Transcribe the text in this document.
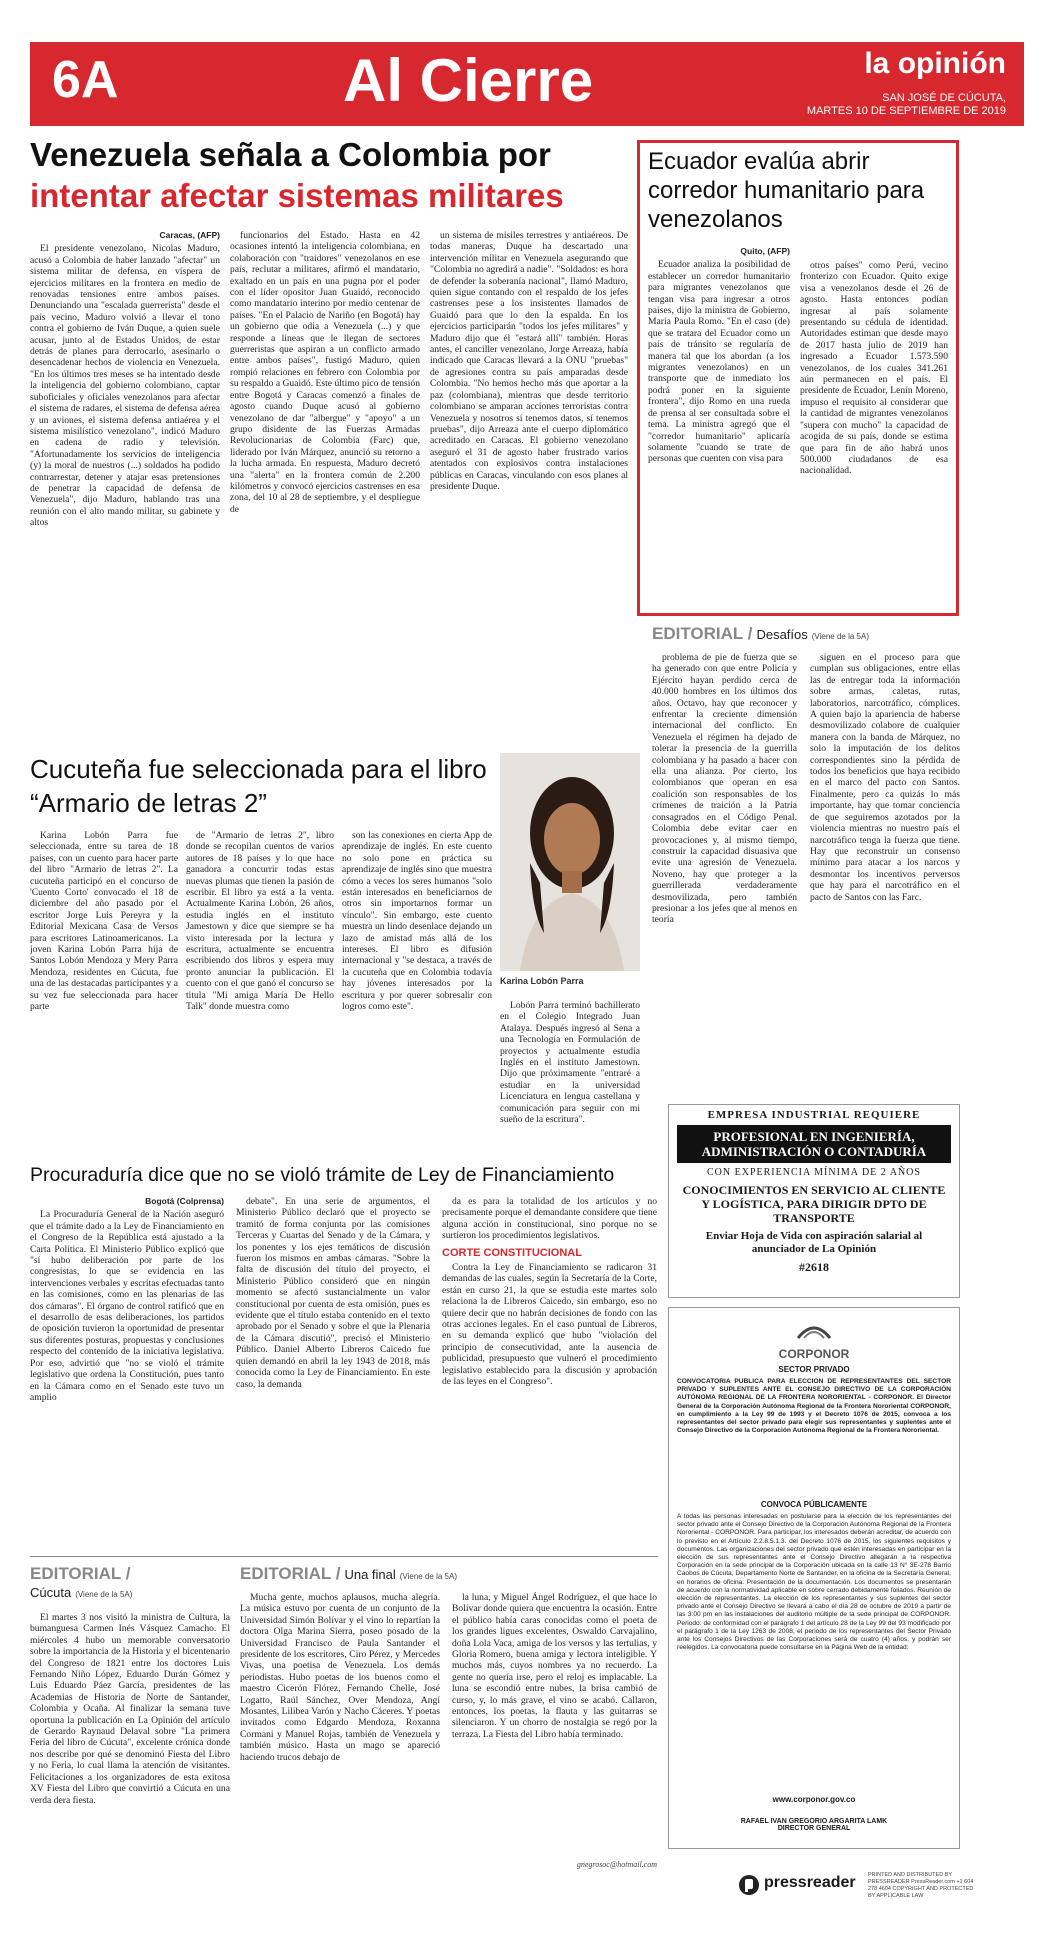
6A	Al Cierre	la opinión
SAN JOSÉ DE CÚCUTA,
MARTES 10 DE SEPTIEMBRE DE 2019
Venezuela señala a Colombia por
intentar afectar sistemas militares
Caracas, (AFP)

El presidente venezolano, Nicolas Maduro, acusó a Colombia de haber lanzado "afectar" un sistema militar de defensa, en víspera de ejercicios militares en la frontera en medio de renovadas tensiones entre ambos países. Denunciando una "escalada guerrerista" desde el país vecino, Maduro volvió a llevar el tono contra el gobierno de Iván Duque, a quien suele acusar, junto al de Estados Unidos, de estar detrás de planes para derrocarlo, asesinarlo o desencadenar hechos de violencia en Venezuela. "En los últimos tres meses se ha intentado desde la inteligencia del gobierno colombiano, captar suboficiales y oficiales venezolanos para afectar el sistema de radares, el sistema de defensa aérea y un aviones, el sistema defensa antiaérea y el sistema misilístico venezolano", indicó Maduro en cadena de radio y televisión. "Afortunadamente los servicios de inteligencia (y) la moral de nuestros (...) soldados ha podido contrarrestar, detener y atajar esas pretensiones de penetrar la capacidad de defensa de Venezuela", dijo Maduro, hablando tras una reunión con el alto mando militar, su gabinete y altos

funcionarios del Estado. Hasta en 42 ocasiones intentó la inteligencia colombiana, en colaboración con "traidores" venezolanos en ese país, reclutar a militares, afirmó el mandatario, exaltado en un país en una pugna por el poder con el líder opositor Juan Guaidó, reconocido como mandatario interino por medio centenar de países. "En el Palacio de Nariño (en Bogotá) hay un gobierno que odia a Venezuela (...) y que responde a líneas que le llegan de sectores guerreristas que aspiran a un conflicto armado entre ambos países", fustigó Maduro, quien rompió relaciones en febrero con Colombia por su respaldo a Guaidó. Este último pico de tensión entre Bogotá y Caracas comenzó a finales de agosto cuando Duque acusó al gobierno venezolano de dar "albergue" y "apoyo" a un grupo disidente de las Fuerzas Armadas Revolucionarias de Colombia (Farc) que, liderado por Iván Márquez, anunció su retorno a la lucha armada. En respuesta, Maduro decretó una "alerta" en la frontera común de 2.200 kilómetros y convocó ejercicios castrenses en esa zona, del 10 al 28 de septiembre, y el despliegue de

un sistema de misiles terrestres y antiaéreos. De todas maneras, Duque ha descartado una intervención militar en Venezuela asegurando que "Colombia no agredirá a nadie". "Soldados: es hora de defender la soberanía nacional", llamó Maduro, quien sigue contando con el respaldo de los jefes castrenses pese a los insistentes llamados de Guaidó para que lo den la espalda. En los ejercicios participarán "todos los jefes militares" y Maduro dijo que él "estará allí" también. Horas antes, el canciller venezolano, Jorge Arreaza, había indicado que Caracas llevará a la ONU "pruebas" de agresiones contra su país amparadas desde Colombia. "No hemos hecho más que aportar a la paz (colombiana), mientras que desde territorio colombiano se amparan acciones terroristas contra Venezuela y nosotros sí tenemos datos, sí tenemos pruebas", dijo Arreaza ante el cuerpo diplomático acreditado en Caracas. El gobierno venezolano aseguró el 31 de agosto haber frustrado varios atentados con explosivos contra instalaciones públicas en Caracas, vinculando con esos planes al presidente Duque.

Ecuador evalúa abrir corredor humanitario para venezolanos
Quito, (AFP)

Ecuador analiza la posibilidad de establecer un corredor humanitario para migrantes venezolanos que tengan visa para ingresar a otros países, dijo la ministra de Gobierno, María Paula Romo. "En el caso (de) que se tratara del Ecuador como un país de tránsito se regularía de manera tal que los abordan (a los migrantes venezolanos) en un transporte que de inmediato los podrá poner en la siguiente frontera", dijo Romo en una rueda de prensa al ser consultada sobre el tema. La ministra agregó que el "corredor humanitario" aplicaría solamente "cuando se trate de personas que cuenten con visa para

otros países" como Perú, vecino fronterizo con Ecuador. Quito exige visa a venezolanos desde el 26 de agosto. Hasta entonces podían ingresar al país solamente presentando su cédula de identidad. Autoridades estiman que desde mayo de 2017 hasta julio de 2019 han ingresado a Ecuador 1.573.590 venezolanos, de los cuales 341.261 aún permanecen en el país. El presidente de Ecuador, Lenín Moreno, impuso el requisito al considerar que la cantidad de migrantes venezolanos "supera con mucho" la capacidad de acogida de su país, donde se estima que para fin de año habrá unos 500.000 ciudadanos de esa nacionalidad.

EDITORIAL / Desafíos (Viene de la 5A)

problema de pie de fuerza que se ha generado con que entre Policía y Ejército hayan perdido cerca de 40.000 hombres en los últimos dos años. Octavo, hay que reconocer y enfrentar la creciente dimensión internacional del conflicto. En Venezuela el régimen ha dejado de tolerar la presencia de la guerrilla colombiana y ha pasado a hacer con ella una alianza. Por cierto, los colombianos que operan en esa coalición son responsables de los crímenes de traición a la Patria consagrados en el Código Penal. Colombia debe evitar caer en provocaciones y, al mismo tiempo, construir la capacidad disuasiva que evite una agresión de Venezuela. Noveno, hay que proteger a la guerrillerada verdaderamente desmovilizada, pero también presionar a los jefes que al menos en teoría

siguen en el proceso para que cumplan sus obligaciones, entre ellas las de entregar toda la información sobre armas, caletas, rutas, laboratorios, narcotráfico, cómplices. A quien bajo la apariencia de haberse desmovilizado colabore de cualquier manera con la banda de Márquez, no solo la imputación de los delitos correspondientes sino la pérdida de todos los beneficios que haya recibido en el marco del pacto con Santos. Finalmente, pero ca quizás lo más importante, hay que tomar conciencia de que seguiremos azotados por la violencia mientras no nuestro país el narcotráfico tenga la fuerza que tiene. Hay que reconstruir un consenso mínimo para atacar a los narcos y desmontar los incentivos perversos que hay para el narcotráfico en el pacto de Santos con las Farc.

Cucuteña fue seleccionada para el libro “Armario de letras 2”
Karina Lobón Parra

Karina Lobón Parra fue seleccionada, entre su tarea de 18 países, con un cuento para hacer parte del libro "Armario de letras 2". La cucuteña participó en el concurso de 'Cuento Corto' convocado el 18 de diciembre del año pasado por el escritor Jorge Luis Pereyra y la Editorial Mexicana Casa de Versos para escritores Latinoamericanos. La joven Karina Lobón Parra hija de Santos Lobón Mendoza y Mery Parra Mendoza, residentes en Cúcuta, fue una de las destacadas participantes y a su vez fue seleccionada para hacer parte

de "Armario de letras 2", libro donde se recopilan cuentos de varios autores de 18 países y lo que hace ganadora a concurrir todas estas nuevas plumas que tienen la pasión de escribir. El libro ya está a la venta. Actualmente Karina Lobón, 26 años, estudia inglés en el instituto Jamestown y dice que siempre se ha visto interesada por la lectura y escritura, actualmente se encuentra escribiendo dos libros y espera muy pronto anunciar la publicación. El cuento con el que ganó el concurso se titula "Mi amiga María De Hello Talk" donde muestra como

son las conexiones en cierta App de aprendizaje de inglés. En este cuento no solo pone en práctica su aprendizaje de inglés sino que muestra cómo a veces los seres humanos "solo están interesados en beneficiarnos de otros sin importarnos formar un vínculo". Sin embargo, este cuento muestra un lindo desenlace dejando un lazo de amistad más allá de los intereses. El libro es difusión internacional y "se destaca, a través de la cucuteña que en Colombia todavía hay jóvenes interesados por la escritura y por querer sobresalir con logros como este".	Lobón Parra terminó bachillerato en el Colegio Integrado Juan Atalaya. Después ingresó al Sena a una Tecnología en Formulación de proyectos y actualmente estudia Inglés en el instituto Jamestown. Dijo que próximamente "entraré a estudiar en la universidad Licenciatura en lengua castellana y comunicación para seguir con mi sueño de la escritura".	EMPRESA INDUSTRIAL REQUIERE
PROFESIONAL EN INGENIERÍA, ADMINISTRACIÓN O CONTADURÍA
CON EXPERIENCIA MÍNIMA DE 2 AÑOS
CONOCIMIENTOS EN SERVICIO AL CLIENTE Y LOGÍSTICA, PARA DIRIGIR DPTO DE TRANSPORTE
Enviar Hoja de Vida con aspiración salarial al anunciador de La Opinión
#2618
CORPONOR
SECTOR PRIVADO
CONVOCATORIA PÚBLICA PARA ELECCIÓN DE REPRESENTANTES DEL SECTOR PRIVADO Y SUPLENTES ANTE EL CONSEJO DIRECTIVO DE LA CORPORACIÓN AUTÓNOMA REGIONAL DE LA FRONTERA NORORIENTAL - CORPONOR. El Director General de la Corporación Autónoma Regional de la Frontera Nororiental CORPONOR, en cumplimiento a la Ley 99 de 1993 y el Decreto 1076 de 2015, convoca a los representantes del sector privado para elegir sus representantes y suplentes ante el Consejo Directivo de la Corporación Autónoma Regional de la Frontera Nororiental.
CONVOCA PÚBLICAMENTE
A todas las personas interesadas en postularse para la elección de los representantes del sector privado ante el Consejo Directivo de la Corporación Autónoma Regional de la Frontera Nororiental - CORPONOR. Para participar, los interesados deberán acreditar, de acuerdo con lo previsto en el Artículo 2.2.8.5.1.3. del Decreto 1076 de 2015, los siguientes requisitos y documentos. Las organizaciones del sector privado que estén interesadas en participar en la elección de sus representantes ante el Consejo Directivo allegarán a la respectiva Corporación en la sede principal de la Corporación ubicada en la calle 13 N° 3E-278 Barrio Caobos de Cúcuta, Departamento Norte de Santander, en la oficina de la Secretaría General, en horarios de oficina. Presentación de la documentación. Los documentos se presentarán de acuerdo con la normatividad aplicable en sobre cerrado debidamente foliados. Reunión de elección de representantes. La elección de los representantes y sus suplentes del sector privado ante el Consejo Directivo se llevará a cabo el día 28 de octubre de 2019 a partir de las 3:00 pm en las instalaciones del auditorio múltiple de la sede principal de CORPONOR. Periodo: de conformidad con el parágrafo 1 del artículo 28 de la Ley 99 del 93 modificado por el parágrafo 1 de la Ley 1263 de 2008, el periodo de los representantes del Sector Privado ante los Consejos Directivos de las Corporaciones será de cuatro (4) años, y podrán ser reelegidos. La convocatoria puede consultarse en la Página Web de la entidad:
www.corponor.gov.co
RAFAEL IVAN GREGORIO ARGARITA LAMK
DIRECTOR GENERAL
Procuraduría dice que no se violó trámite de Ley de Financiamiento
Bogotá (Colprensa)

La Procuraduría General de la Nación aseguró que el trámite dado a la Ley de Financiamiento en el Congreso de la República está ajustado a la Carta Política. El Ministerio Público explicó que "sí hubo deliberación por parte de los congresistas, lo que se evidencia en las intervenciones verbales y escritas efectuadas tanto en las comisiones, como en las plenarias de las dos cámaras". El órgano de control ratificó que en el desarrollo de esas deliberaciones, los partidos de oposición tuvieron la oportunidad de presentar sus diferentes posturas, propuestas y conclusiones respecto del contenido de la iniciativa legislativa. Por eso, advirtió que "no se violó el trámite legislativo que ordena la Constitución, pues tanto en la Cámara como en el Senado este tuvo un amplio

debate". En una serie de argumentos, el Ministerio Público declaró que el proyecto se tramitó de forma conjunta por las comisiones Terceras y Cuartas del Senado y de la Cámara, y los ponentes y los ejes temáticos de discusión fueron los mismos en ambas cámaras. "Sobre la falta de discusión del título del proyecto, el Ministerio Público consideró que en ningún momento se afectó sustancialmente un valor constitucional por cuenta de esta omisión, pues es evidente que el título estaba contenido en el texto aprobado por el Senado y sobre el que la Plenaria de la Cámara discutió", precisó el Ministerio Público. Daniel Alberto Libreros Caicedo fue quien demandó en abril la ley 1943 de 2018, más conocida como la Ley de Financiamiento. En este caso, la demanda

da es para la totalidad de los artículos y no precisamente porque el demandante considere que tiene alguna acción in constitucional, sino porque no se surtieron los procedimientos legislativos.

CORTE CONSTITUCIONAL

Contra la Ley de Financiamiento se radicaron 31 demandas de las cuales, según la Secretaría de la Corte, están en curso 21, la que se estudia este martes solo relaciona la de Libreros Caicedo, sin embargo, eso no quiere decir que no habrán decisiones de fondo con las otras acciones legales. En el caso puntual de Libreros, en su demanda explicó que hubo "violación del principio de consecutividad, ante la ausencia de publicidad, presupuesto que vulneró el procedimiento legislativo establecido para la discusión y aprobación de las leyes en el Congreso".

EDITORIAL /
Cúcuta (Viene de la 5A)

El martes 3 nos visitó la ministra de Cultura, la bumanguesa Carmen Inés Vásquez Camacho. El miércoles 4 hubo un memorable conversatorio sobre la importancia de la Historia y el bicentenario del Congreso de 1821 entre los doctores Luis Fernando Niño López, Eduardo Durán Gómez y Luis Eduardo Páez García, presidentes de las Academias de Historia de Norte de Santander, Colombia y Ocaña. Al finalizar la semana tuve oportuna la publicación en La Opinión del artículo de Gerardo Raynaud Delaval sobre "La primera Feria del libro de Cúcuta", excelente crónica donde nos describe por qué se denominó Fiesta del Libro y no Feria, lo cual llama la atención de visitantes. Felicitaciones a los organizadores de esta exitosa XV Fiesta del Libro que convirtió a Cúcuta en una verda dera fiesta.

EDITORIAL / Una final (Viene de la 5A)

Mucha gente, muchos aplausos, mucha alegría. La música estuvo por cuenta de un conjunto de la Universidad Simón Bolívar y el vino lo repartían la doctora Olga Marina Sierra, poseo posado de la Universidad Francisco de Paula Santander el presidente de los escritores, Ciro Pérez, y Mercedes Vivas, una poetisa de Venezuela. Los demás periodistas. Hubo poetas de los buenos como el maestro Cicerón Flórez, Fernando Chelle, José Logatto, Raúl Sánchez, Over Mendoza, Angí Mosantes, Lilibea Varón y Nacho Cáceres. Y poetas invitados como Edgardo Mendoza, Roxanna Cormani y Manuel Rojas, también de Venezuela y también músico. Hasta un mago se apareció haciendo trucos debajo de

la luna, y Miguel Ángel Rodríguez, el que hace lo Bolívar donde quiera que encuentra la ocasión. Entre el público había caras conocidas como el poeta de los grandes ligues excelentes, Oswaldo Carvajalino, doña Lola Vaca, amiga de los versos y las tertulias, y Gloria Romero, buena amiga y lectora inteligible. Y muchos más, cuyos nombres ya no recuerdo. La gente no quería irse, pero el reloj es implacable. La luna se escondió entre nubes, la brisa cambió de curso, y, lo más grave, el vino se acabó. Callaron, entonces, los poetas, la flauta y las guitarras se silenciaron. Y un chorro de nostalgia se regó por la terraza. La Fiesta del Libro había terminado.

gnegrosoc@hotmail.com
pressreader PRINTED AND DISTRIBUTED BY PRESSREADER PressReader.com +1 604 278 4604 COPYRIGHT AND PROTECTED BY APPLICABLE LAW
